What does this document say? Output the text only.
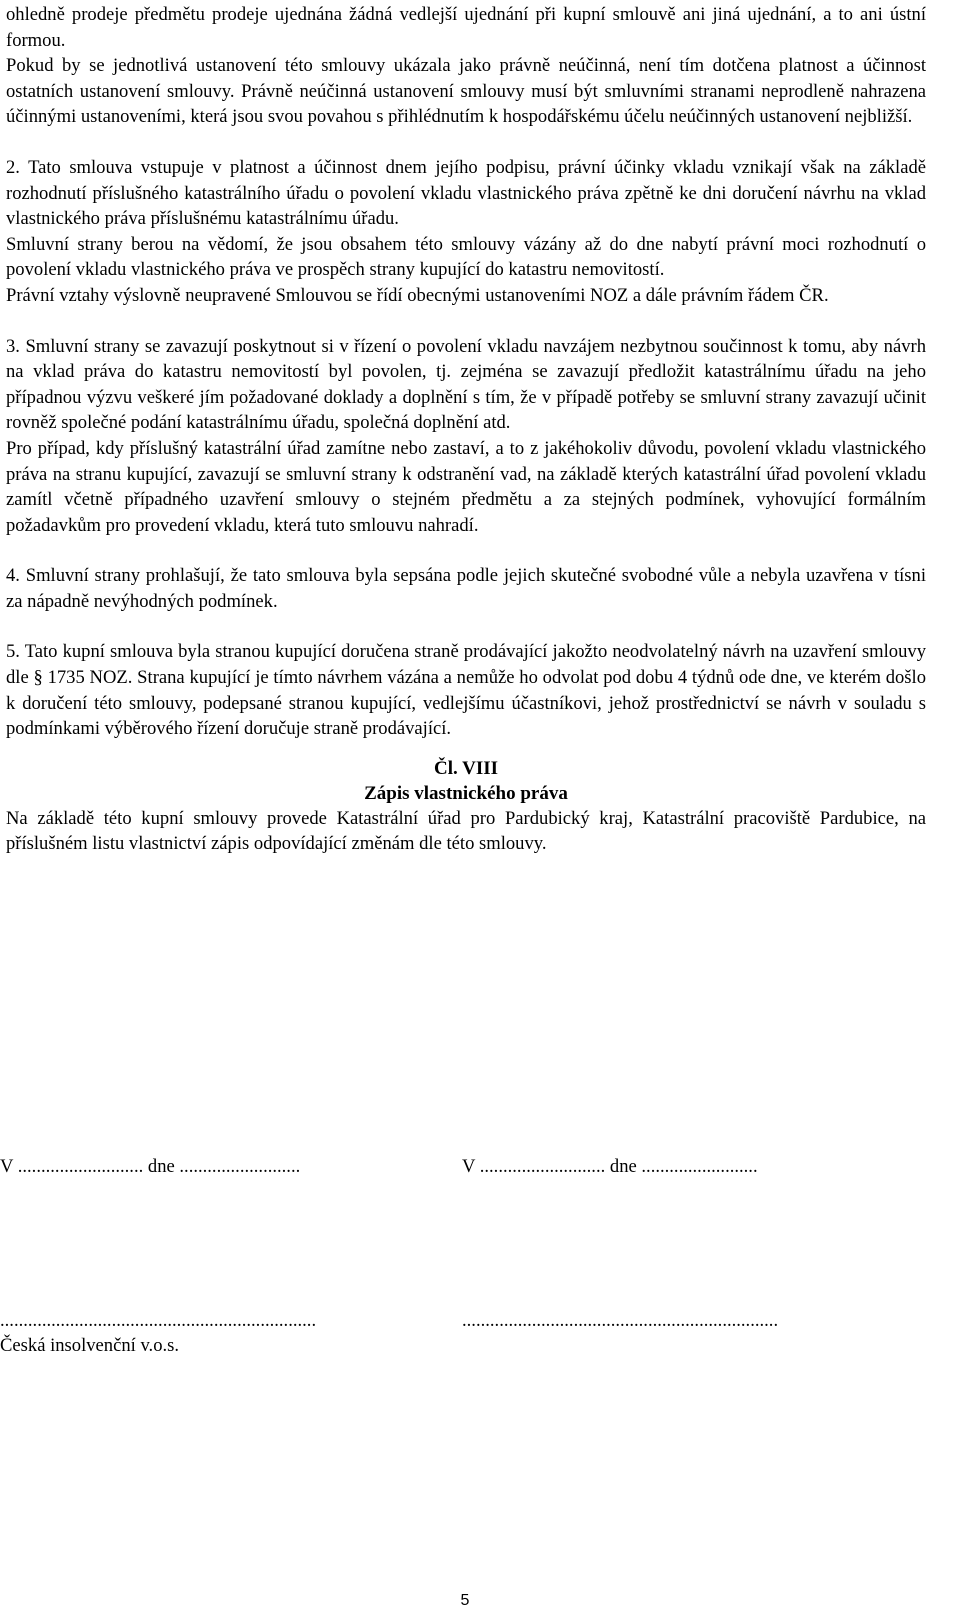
ohledně prodeje předmětu prodeje ujednána žádná vedlejší ujednání při kupní smlouvě ani jiná ujednání, a to ani ústní formou.

Pokud by se jednotlivá ustanovení této smlouvy ukázala jako právně neúčinná, není tím dotčena platnost a účinnost ostatních ustanovení smlouvy. Právně neúčinná ustanovení smlouvy musí být smluvními stranami neprodleně nahrazena účinnými ustanoveními, která jsou svou povahou s přihlédnutím k hospodářskému účelu neúčinných ustanovení nejbližší.

2. Tato smlouva vstupuje v platnost a účinnost dnem jejího podpisu, právní účinky vkladu vznikají však na základě rozhodnutí příslušného katastrálního úřadu o povolení vkladu vlastnického práva zpětně ke dni doručení návrhu na vklad vlastnického práva příslušnému katastrálnímu úřadu.

Smluvní strany berou na vědomí, že jsou obsahem této smlouvy vázány až do dne nabytí právní moci rozhodnutí o povolení vkladu vlastnického práva ve prospěch strany kupující do katastru nemovitostí.

Právní vztahy výslovně neupravené Smlouvou se řídí obecnými ustanoveními NOZ a dále právním řádem ČR.

3. Smluvní strany se zavazují poskytnout si v řízení o povolení vkladu navzájem nezbytnou součinnost k tomu, aby návrh na vklad práva do katastru nemovitostí byl povolen, tj. zejména se zavazují předložit katastrálnímu úřadu na jeho případnou výzvu veškeré jím požadované doklady a doplnění s tím, že v případě potřeby se smluvní strany zavazují učinit rovněž společné podání katastrálnímu úřadu, společná doplnění atd.

Pro případ, kdy příslušný katastrální úřad zamítne nebo zastaví, a to z jakéhokoliv důvodu, povolení vkladu vlastnického práva na stranu kupující, zavazují se smluvní strany k odstranění vad, na základě kterých katastrální úřad povolení vkladu zamítl včetně případného uzavření smlouvy o stejném předmětu a za stejných podmínek, vyhovující formálním požadavkům pro provedení vkladu, která tuto smlouvu nahradí.

4. Smluvní strany prohlašují, že tato smlouva byla sepsána podle jejich skutečné svobodné vůle a nebyla uzavřena v tísni za nápadně nevýhodných podmínek.

5. Tato kupní smlouva byla stranou kupující doručena straně prodávající jakožto neodvolatelný návrh na uzavření smlouvy dle § 1735 NOZ. Strana kupující je tímto návrhem vázána a nemůže ho odvolat pod dobu 4 týdnů ode dne, ve kterém došlo k doručení této smlouvy, podepsané stranou kupující, vedlejšímu účastníkovi, jehož prostřednictví se návrh v souladu s podmínkami výběrového řízení doručuje straně prodávající.

Čl. VIII

Zápis vlastnického práva

Na základě této kupní smlouvy provede Katastrální úřad pro Pardubický kraj, Katastrální pracoviště Pardubice, na příslušném listu vlastnictví zápis odpovídající změnám dle této smlouvy.

V ........................... dne ..........................	V ........................... dne .........................
....................................................................	....................................................................
Česká insolvenční v.o.s.
5
